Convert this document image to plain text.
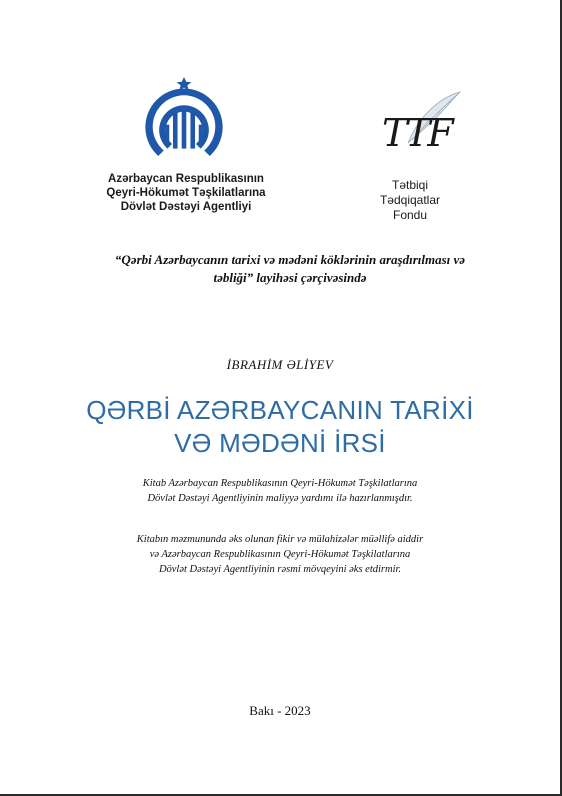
Azərbaycan Respublikasının
Qeyri-Hökumət Təşkilatlarına
Dövlət Dəstəyi Agentliyi
TTF
Tətbiqi
Tədqiqatlar
Fondu
“Qərbi Azərbaycanın tarixi və mədəni köklərinin araşdırılması və
təbliği” layihəsi çərçivəsində
İBRAHİM ƏLİYEV
QƏRBİ AZƏRBAYCANIN TARİXİ
VƏ MƏDƏNİ İRSİ
Kitab Azərbaycan Respublikasının Qeyri-Hökumət Təşkilatlarına
Dövlət Dəstəyi Agentliyinin maliyyə yardımı ilə hazırlanmışdır.
Kitabın məzmununda əks olunan fikir və mülahizələr müəllifə aiddir
və Azərbaycan Respublikasının Qeyri-Hökumət Təşkilatlarına
Dövlət Dəstəyi Agentliyinin rəsmi mövqeyini əks etdirmir.
Bakı - 2023
